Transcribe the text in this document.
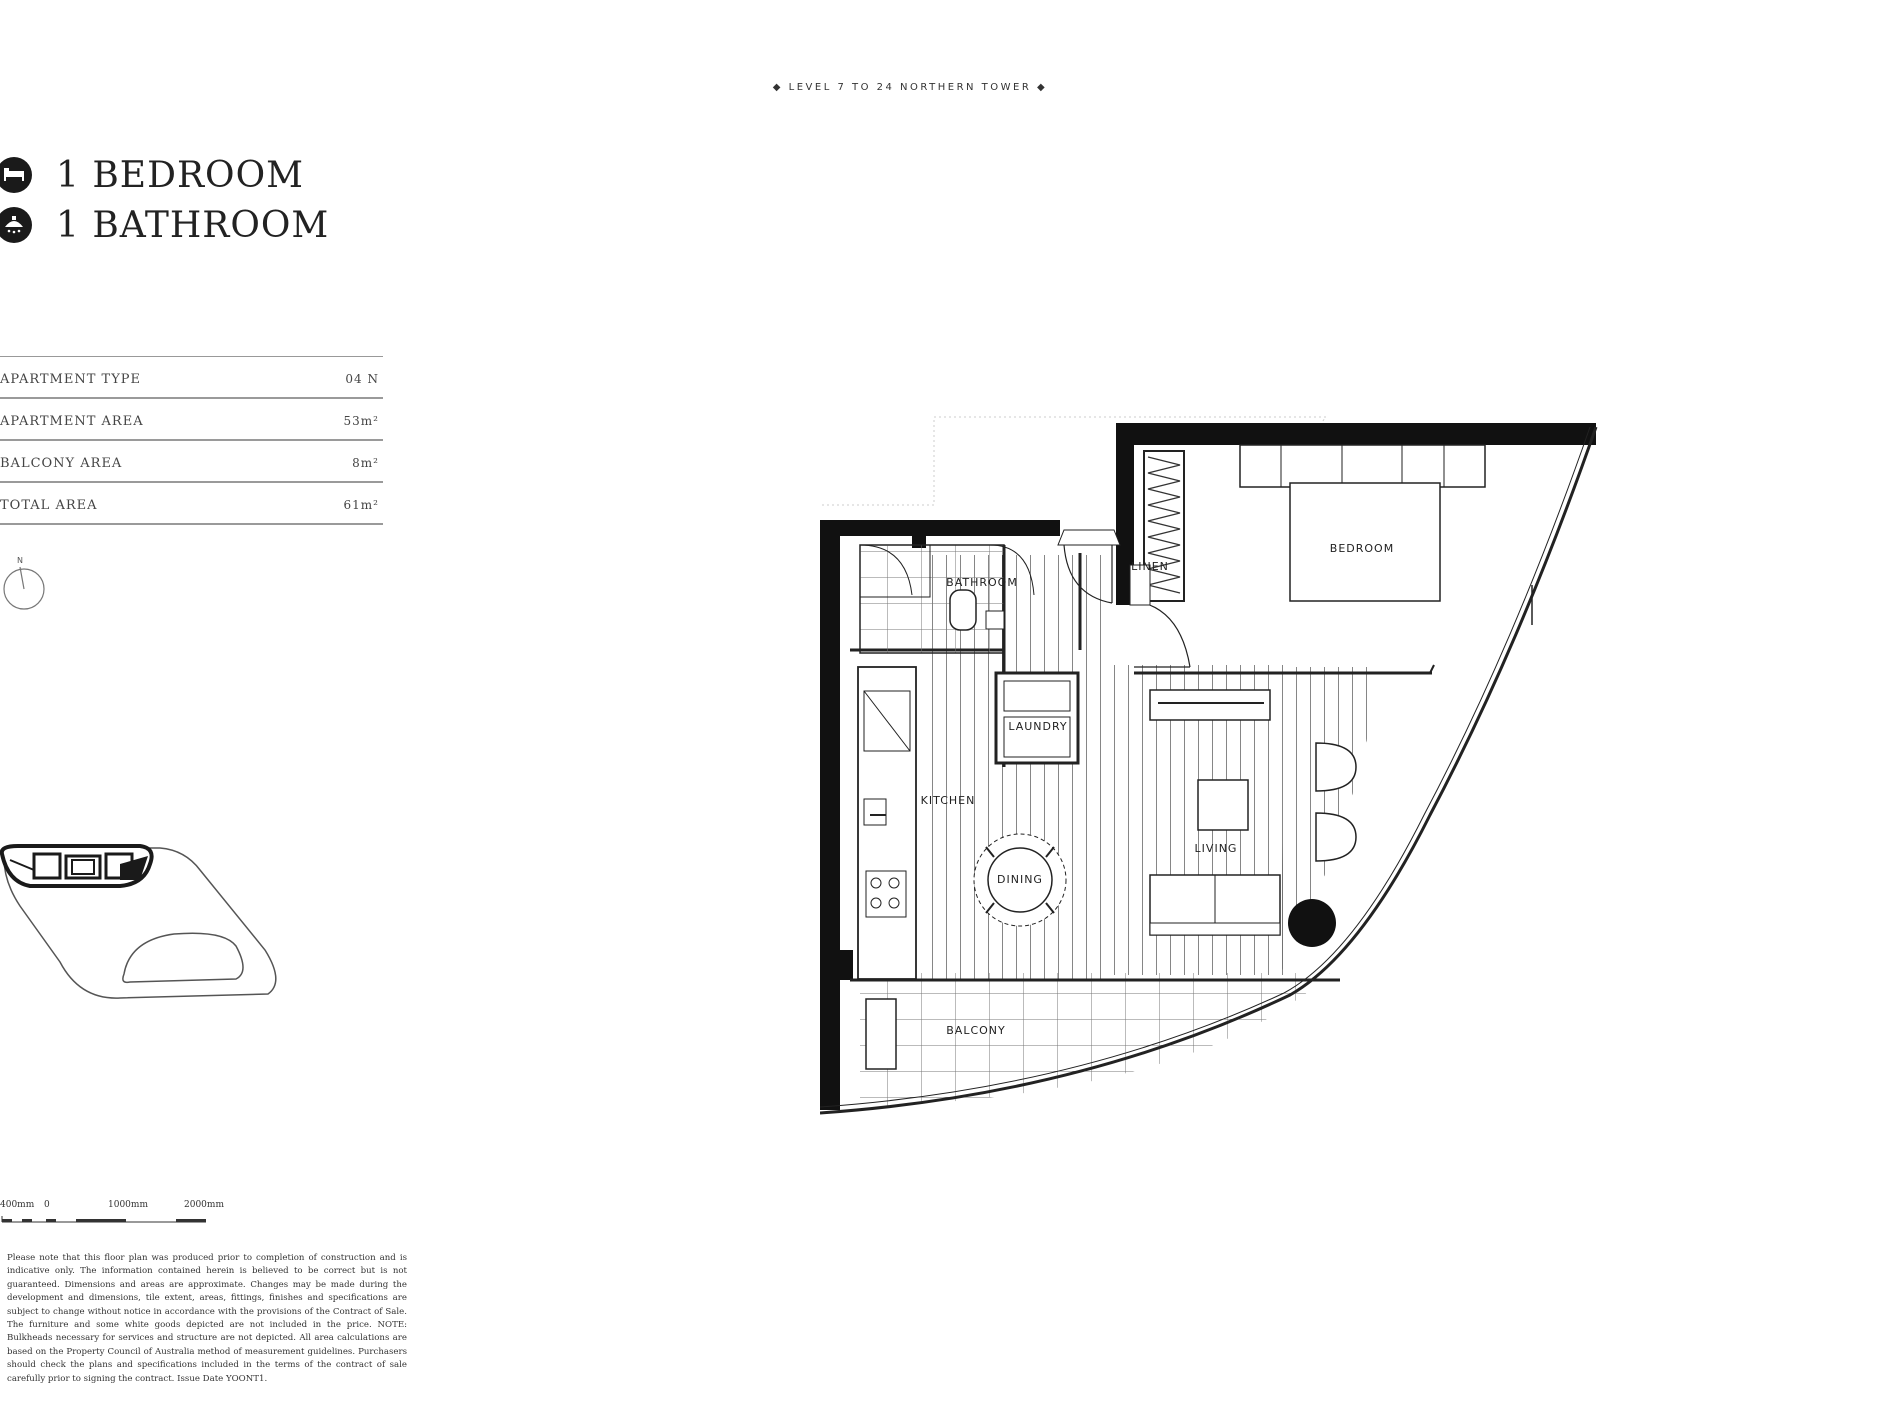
◆ LEVEL 7 TO 24 NORTHERN TOWER ◆
1 BEDROOM
1 BATHROOM
APARTMENT TYPE	04 N
APARTMENT AREA	53m²
BALCONY AREA	8m²
TOTAL AREA	61m²
N
400mm 0	1000mm	2000mm
Please note that this floor plan was produced prior to completion of construction and is indicative only. The information contained herein is believed to be correct but is not guaranteed. Dimensions and areas are approximate. Changes may be made during the development and dimensions, tile extent, areas, fittings, finishes and specifications are subject to change without notice in accordance with the provisions of the Contract of Sale. The furniture and some white goods depicted are not included in the price. NOTE: Bulkheads necessary for services and structure are not depicted. All area calculations are based on the Property Council of Australia method of measurement guidelines. Purchasers should check the plans and specifications included in the terms of the contract of sale carefully prior to signing the contract. Issue Date YOONT1.
BEDROOM
BATHROOM
LINEN
LAUNDRY
KITCHEN
DINING
LIVING
BALCONY
